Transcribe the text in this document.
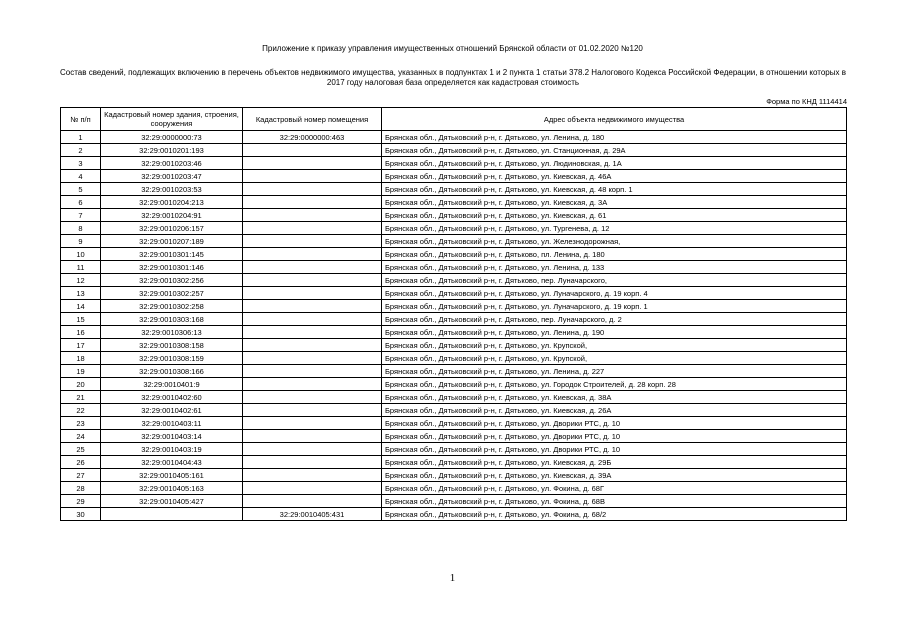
Приложение к приказу управления имущественных отношений Брянской области от 01.02.2020 №120
Состав сведений, подлежащих включению в перечень объектов недвижимого имущества, указанных в подпунктах 1 и 2 пункта 1 статьи 378.2 Налогового Кодекса Российской Федерации, в отношении которых в 2017 году налоговая база определяется как кадастровая стоимость
Форма по КНД 1114414
№ п/п	Кадастровый номер здания, строения, сооружения	Кадастровый номер помещения	Адрес объекта недвижимого имущества
1	32:29:0000000:73	32:29:0000000:463	Брянская обл., Дятьковский р-н, г. Дятьково, ул. Ленина, д. 180
2	32:29:0010201:193		Брянская обл., Дятьковский р-н, г. Дятьково, ул. Станционная, д. 29А
3	32:29:0010203:46		Брянская обл., Дятьковский р-н, г. Дятьково, ул. Людиновская, д. 1А
4	32:29:0010203:47		Брянская обл., Дятьковский р-н, г. Дятьково, ул. Киевская, д. 46А
5	32:29:0010203:53		Брянская обл., Дятьковский р-н, г. Дятьково, ул. Киевская, д. 48 корп. 1
6	32:29:0010204:213		Брянская обл., Дятьковский р-н, г. Дятьково, ул. Киевская, д. 3А
7	32:29:0010204:91		Брянская обл., Дятьковский р-н, г. Дятьково, ул. Киевская, д. 61
8	32:29:0010206:157		Брянская обл., Дятьковский р-н, г. Дятьково, ул. Тургенева, д. 12
9	32:29:0010207:189		Брянская обл., Дятьковский р-н, г. Дятьково, ул. Железнодорожная,
10	32:29:0010301:145		Брянская обл., Дятьковский р-н, г. Дятьково, пл. Ленина, д. 180
11	32:29:0010301:146		Брянская обл., Дятьковский р-н, г. Дятьково, ул. Ленина, д. 133
12	32:29:0010302:256		Брянская обл., Дятьковский р-н, г. Дятьково, пер. Луначарского,
13	32:29:0010302:257		Брянская обл., Дятьковский р-н, г. Дятьково, ул. Луначарского, д. 19 корп. 4
14	32:29:0010302:258		Брянская обл., Дятьковский р-н, г. Дятьково, ул. Луначарского, д. 19 корп. 1
15	32:29:0010303:168		Брянская обл., Дятьковский р-н, г. Дятьково, пер. Луначарского, д. 2
16	32:29:0010306:13		Брянская обл., Дятьковский р-н, г. Дятьково, ул. Ленина, д. 190
17	32:29:0010308:158		Брянская обл., Дятьковский р-н, г. Дятьково, ул. Крупской,
18	32:29:0010308:159		Брянская обл., Дятьковский р-н, г. Дятьково, ул. Крупской,
19	32:29:0010308:166		Брянская обл., Дятьковский р-н, г. Дятьково, ул. Ленина, д. 227
20	32:29:0010401:9		Брянская обл., Дятьковский р-н, г. Дятьково, ул. Городок Строителей, д. 28 корп. 28
21	32:29:0010402:60		Брянская обл., Дятьковский р-н, г. Дятьково, ул. Киевская, д. 38А
22	32:29:0010402:61		Брянская обл., Дятьковский р-н, г. Дятьково, ул. Киевская, д. 26А
23	32:29:0010403:11		Брянская обл., Дятьковский р-н, г. Дятьково, ул. Дворики РТС, д. 10
24	32:29:0010403:14		Брянская обл., Дятьковский р-н, г. Дятьково, ул. Дворики РТС, д. 10
25	32:29:0010403:19		Брянская обл., Дятьковский р-н, г. Дятьково, ул. Дворики РТС, д. 10
26	32:29:0010404:43		Брянская обл., Дятьковский р-н, г. Дятьково, ул. Киевская, д. 29Б
27	32:29:0010405:161		Брянская обл., Дятьковский р-н, г. Дятьково, ул. Киевская, д. 39А
28	32:29:0010405:163		Брянская обл., Дятьковский р-н, г. Дятьково, ул. Фокина, д. 68Г
29	32:29:0010405:427		Брянская обл., Дятьковский р-н, г. Дятьково, ул. Фокина, д. 68В
30		32:29:0010405:431	Брянская обл., Дятьковский р-н, г. Дятьково, ул. Фокина, д. 68/2
1
